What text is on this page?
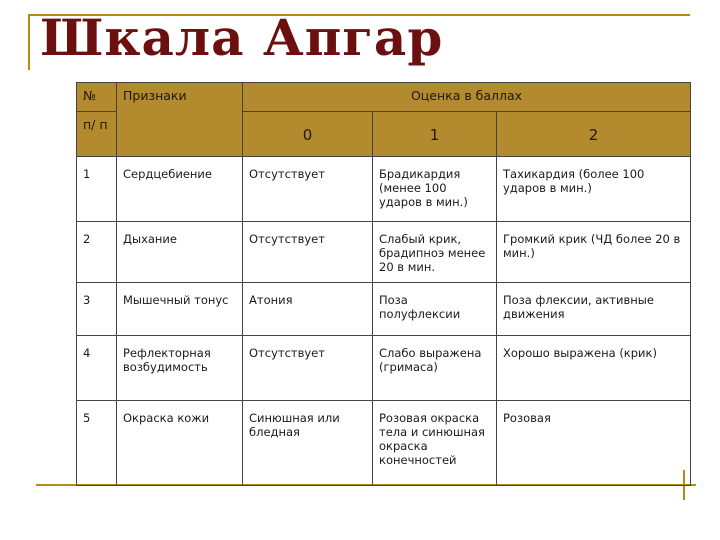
Шкала Апгар
№	Признаки	Оценка в баллах		
п/ п		0	1	2
1	Сердцебиение	Отсутствует	Брадикардия (менее 100 ударов в мин.)	Тахикардия (более 100 ударов в мин.)
2	Дыхание	Отсутствует	Слабый крик, брадипноэ менее 20 в мин.	Громкий крик (ЧД более 20 в мин.)
3	Мышечный тонус	Атония	Поза полуфлексии	Поза флексии, активные движения
4	Рефлекторная возбудимость	Отсутствует	Слабо выражена (гримаса)	Хорошо выражена (крик)
5	Окраска кожи	Синюшная или бледная	Розовая окраска тела и синюшная окраска конечностей	Розовая
